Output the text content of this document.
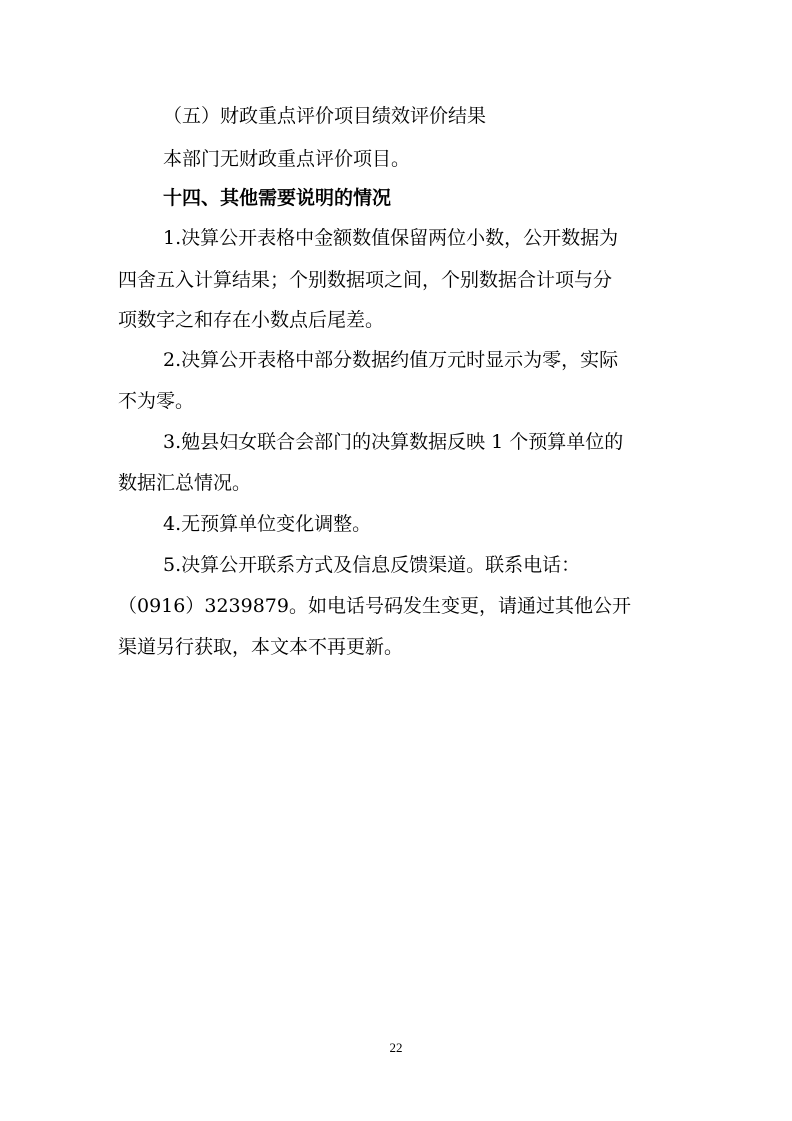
（五）财政重点评价项目绩效评价结果
本部门无财政重点评价项目。
十四、其他需要说明的情况
1.决算公开表格中金额数值保留两位小数，公开数据为
四舍五入计算结果；个别数据项之间，个别数据合计项与分
项数字之和存在小数点后尾差。
2.决算公开表格中部分数据约值万元时显示为零，实际
不为零。
3.勉县妇女联合会部门的决算数据反映 1 个预算单位的
数据汇总情况。
4.无预算单位变化调整。
5.决算公开联系方式及信息反馈渠道。联系电话：
（0916）3239879。如电话号码发生变更，请通过其他公开
渠道另行获取，本文本不再更新。
22
